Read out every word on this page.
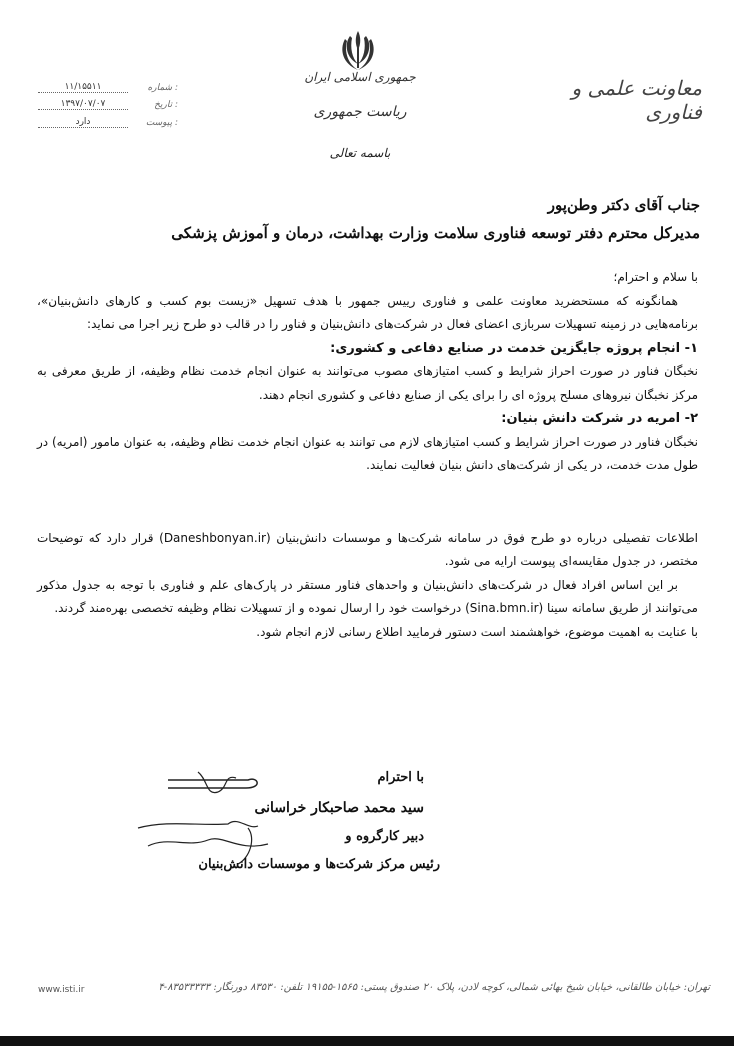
جمهوری اسلامی ایران
ریاست جمهوری
باسمه تعالی
معاونت علمی و فناوری
۱۱/۱۵۵۱۱	شماره :
۱۳۹۷/۰۷/۰۷	تاریخ :
دارد	پیوست :
جناب آقای دکتر وطن‌پور
مدیرکل محترم دفتر توسعه فناوری سلامت وزارت بهداشت، درمان و آموزش پزشکی

با سلام و احترام؛

همانگونه که مستحضرید معاونت علمی و فناوری رییس جمهور با هدف تسهیل «زیست بوم کسب و کارهای دانش‌بنیان»، برنامه‌هایی در زمینه تسهیلات سربازی اعضای فعال در شرکت‌های دانش‌بنیان و فناور را در قالب دو طرح زیر اجرا می نماید:

۱- انجام پروژه جایگزین خدمت در صنایع دفاعی و کشوری:

نخبگان فناور در صورت احراز شرایط و کسب امتیازهای مصوب می‌توانند به عنوان انجام خدمت نظام وظیفه، از طریق معرفی به مرکز نخبگان نیروهای مسلح پروژه ای را برای یکی از صنایع دفاعی و کشوری انجام دهند.

۲- امریه در شرکت دانش بنیان:

نخبگان فناور در صورت احراز شرایط و کسب امتیازهای لازم می توانند به عنوان انجام خدمت نظام وظیفه، به عنوان مامور (امریه) در طول مدت خدمت، در یکی از شرکت‌های دانش بنیان فعالیت نمایند.

اطلاعات تفصیلی درباره دو طرح فوق در سامانه شرکت‌ها و موسسات دانش‌بنیان (Daneshbonyan.ir) قرار دارد که توضیحات مختصر، در جدول مقایسه‌ای پیوست ارایه می شود.

بر این اساس افراد فعال در شرکت‌های دانش‌بنیان و واحدهای فناور مستقر در پارک‌های علم و فناوری با توجه به جدول مذکور می‌توانند از طریق سامانه سینا (Sina.bmn.ir) درخواست خود را ارسال نموده و از تسهیلات نظام وظیفه تخصصی بهره‌مند گردند.

با عنایت به اهمیت موضوع، خواهشمند است دستور فرمایید اطلاع رسانی لازم انجام شود.

با احترام
سید محمد صاحبکار خراسانی
دبیر کارگروه و
رئیس مرکز شرکت‌ها و موسسات دانش‌بنیان
تهران: خیابان طالقانی، خیابان شیخ بهائی شمالی، کوچه لادن، پلاک ۲۰ صندوق پستی: ۱۵۶۵-۱۹۱۵۵ تلفن: ۸۳۵۳۰ دورنگار: ۸۳۵۳۳۳۳۳-۴
www.isti.ir
